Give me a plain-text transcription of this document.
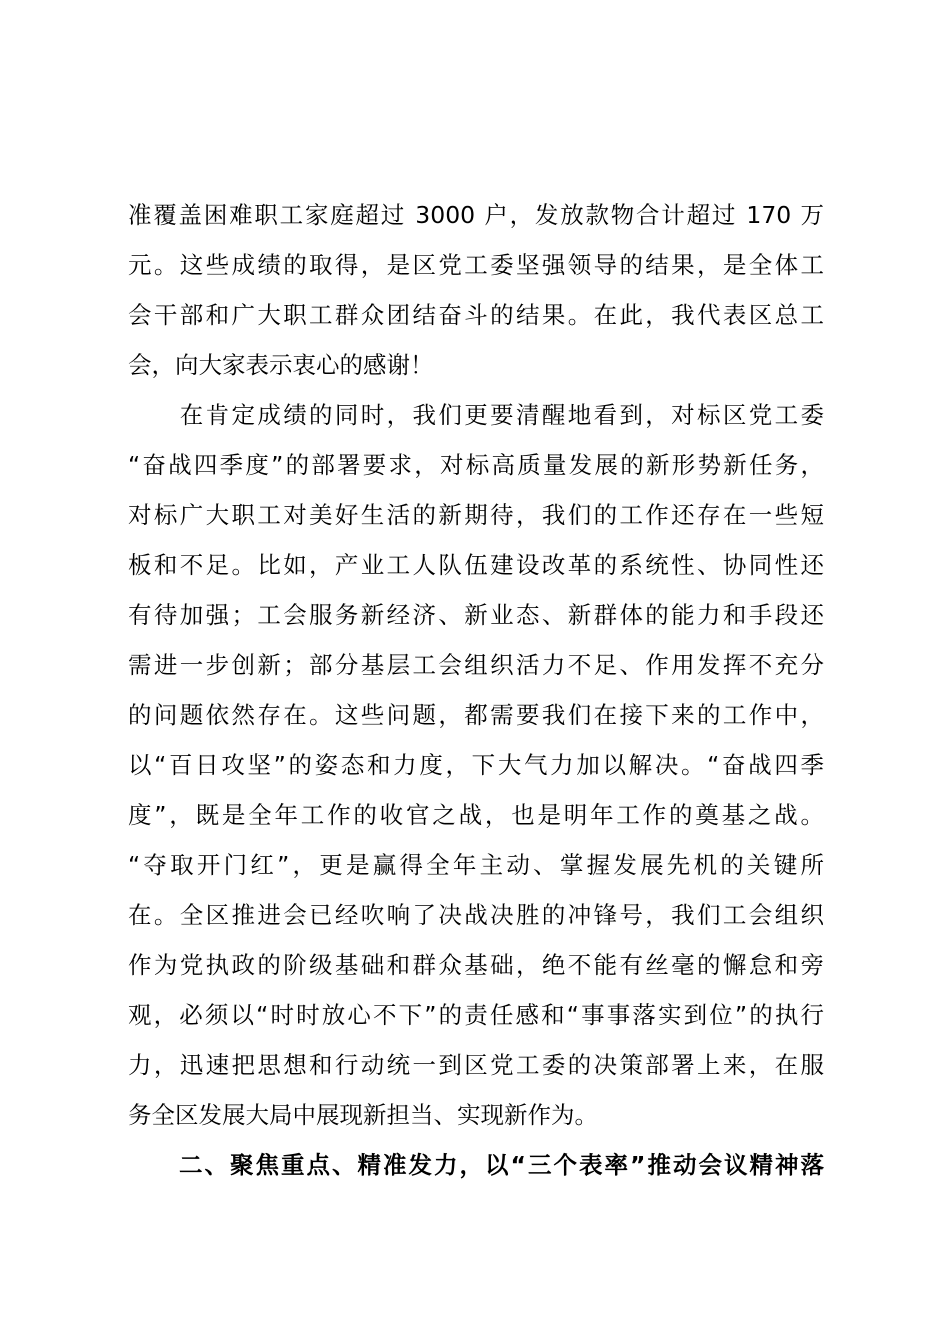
准覆盖困难职工家庭超过 3000 户，发放款物合计超过 170 万
元。这些成绩的取得，是区党工委坚强领导的结果，是全体工
会干部和广大职工群众团结奋斗的结果。在此，我代表区总工
会，向大家表示衷心的感谢！
　　在肯定成绩的同时，我们更要清醒地看到，对标区党工委
“奋战四季度”的部署要求，对标高质量发展的新形势新任务，
对标广大职工对美好生活的新期待，我们的工作还存在一些短
板和不足。比如，产业工人队伍建设改革的系统性、协同性还
有待加强；工会服务新经济、新业态、新群体的能力和手段还
需进一步创新；部分基层工会组织活力不足、作用发挥不充分
的问题依然存在。这些问题，都需要我们在接下来的工作中，
以“百日攻坚”的姿态和力度，下大气力加以解决。“奋战四季
度”，既是全年工作的收官之战，也是明年工作的奠基之战。
“夺取开门红”，更是赢得全年主动、掌握发展先机的关键所
在。全区推进会已经吹响了决战决胜的冲锋号，我们工会组织
作为党执政的阶级基础和群众基础，绝不能有丝毫的懈怠和旁
观，必须以“时时放心不下”的责任感和“事事落实到位”的执行
力，迅速把思想和行动统一到区党工委的决策部署上来，在服
务全区发展大局中展现新担当、实现新作为。
　　二、聚焦重点、精准发力，以“三个表率”推动会议精神落
